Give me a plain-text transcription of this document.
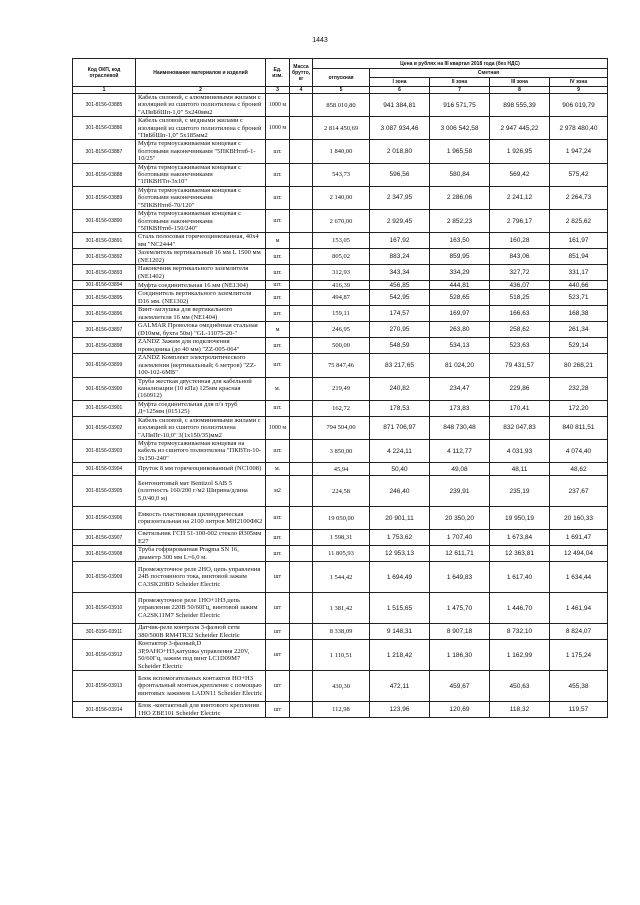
1443
Код ОКП, код отраслевой	Наименование материалов и изделий	Ед. изм.	Масса брутто, кг	Цена в рублях на III квартал 2018 года (без НДС)				
				отпускная	Сметная			
					I зона	II зона	III зона	IV зона
1	2	3	4	5	6	7	8	9
301-8156-03885	Кабель силовой, с алюминиевыми жилами с изоляцией из сшитого полиэтилена с броней "АПвБбШп-1,0" 5х240мм2	1000 м		858 010,80	941 384,81	916 571,75	898 555,39	906 019,79
301-8156-03886	Кабель силовой, с медными жилами с изоляцией из сшитого полиэтилена с броней "ПвБбШп-1,0" 5х185мм2	1000 м		2 814 450,69	3 087 934,46	3 006 542,58	2 947 445,22	2 978 480,40
301-8156-03887	Муфта термоусаживаемая концевая с болтовыми наконечниками "5ПКВНтпб-1-10/25"	шт.		1 840,00	2 018,80	1 965,58	1 926,95	1 947,24
301-8156-03888	Муфта термоусаживаемая концевая с болтовыми наконечниками "1ПКВНТп-3х10"	шт.		543,73	596,56	580,84	569,42	575,42
301-8156-03889	Муфта термоусаживаемая концевая с болтовыми наконечниками "5ПКВНтпб-70/120"	шт.		2 140,00	2 347,95	2 286,06	2 241,12	2 264,73
301-8156-03890	Муфта термоусаживаемая концевая с болтовыми наконечниками "5ПКВНтпб-150/240"	шт.		2 670,00	2 929,45	2 852,23	2 796,17	2 825,62
301-8156-03891	Сталь полосовая горячеоцинкованная, 40х4 мм "NC2444"	м		153,05	167,92	163,50	160,28	161,97
301-8156-03892	Заземлитель вертикальный 16 мм L 1500 мм (NE1202)	шт.		805,02	883,24	859,95	843,06	851,94
301-8156-03893	Наконечник вертикального заземлителя (NE1402)	шт.		312,93	343,34	334,29	327,72	331,17
301-8156-03894	Муфта соединительная 16 мм (NE1304)	шт.		416,39	456,85	444,81	436,07	440,66
301-8156-03895	Соединитель вертикального заземлителя D16 мм. (NE1302)	шт.		494,87	542,95	528,65	518,25	523,71
301-8156-03896	Винт-заглушка для вертикального заземлителя 16 мм (NE1404)	шт.		159,11	174,57	169,97	166,63	168,38
301-8156-03897	GALMAR Проволока омеднённая стальная (D10мм, бухта 50м) "GL-11075-20-"	м		246,95	270,95	263,80	258,62	261,34
301-8156-03898	ZANDZ Зажим для подключения проводника (до 40 мм) "ZZ-005-064"	шт.		500,00	548,59	534,13	523,63	529,14
301-8156-03899	ZANDZ Комплект электролитического заземления (вертикальный; 6 метров) "ZZ-100-102-6MB"	шт.		75 847,46	83 217,65	81 024,20	79 431,57	80 268,21
301-8156-03900	Труба жесткая двустенная для кабельной канализации (10 кПа) 125мм красная (160912)	м.		219,49	240,82	234,47	229,86	232,28
301-8156-03901	Муфта соединительная для п/э труб Д=125мм (015125)	шт.		162,72	178,53	173,83	170,41	172,20
301-8156-03902	Кабель силовой, с алюминиевыми жилами с изоляцией из сшитого полиэтилена "АПвПг-10,0" 3(1х150/35)мм2	1000 м		794 504,00	871 706,97	848 730,48	832 047,83	840 811,51
301-8156-03903	Муфта термоусаживаемая концевая на кабель из сшитого полиэтилена "ПКВТп-10-3х150-240"	шт.		3 850,00	4 224,11	4 112,77	4 031,93	4 074,40
301-8156-03904	Пруток 8 мм горячеоцинкованный (NC1008)	м.		45,94	50,40	49,08	48,11	48,62
301-8156-03905	Бентонитовый мат Bentizol SAB 5 (плотность 160/200 г/м2 Ширина/длина 5,0/40,0 м)	м2		224,58	246,40	239,91	235,19	237,67
301-8156-03906	Емкость пластиковая цилиндрическая горизонтальная на 2100 литров МН2100ФК2	шт.		19 050,00	20 901,11	20 350,20	19 950,19	20 160,33
301-8156-03907	Светильник ГСП 51-100-002 стекло Ø305мм Е27	шт.		1 598,31	1 753,62	1 707,40	1 673,84	1 691,47
301-8156-03908	Труба гофрированная Pragma SN 16, диаметр 300 мм L=6,0 м.	шт.		11 805,93	12 953,13	12 611,71	12 363,81	12 494,04
301-8156-03909	Промежуточное реле 2НО, цепь управления 24В постоянного тока, винтовой зажим CA3SK20BD Scheider Electric	шт		1 544,42	1 694,49	1 649,83	1 617,40	1 634,44
301-8156-03910	Промежуточное реле 1НО+1НЗ,цепь управления 220В 50/60Гц, винтовой зажим CA2SK11M7 Scheider Electric	шт		1 381,42	1 515,65	1 475,70	1 446,70	1 461,94
301-8156-03911	Датчик-реле контроля 3-фазной сети 380/500В RM4TR32 Scheider Electric	шт		8 338,09	9 148,31	8 907,18	8 732,10	8 824,07
301-8156-03912	Контактор 3-фазный,D 3Р,9АНО+НЗ,катушка управления 220V, 50/60Гц, зажим под винт LC1D09M7 Scheider Electric	шт		1 110,51	1 218,42	1 186,30	1 162,99	1 175,24
301-8156-03913	Блок вспомогательных контактов НО+НЗ фронтальный монтаж,крепление с помощью винтовых зажимов LADN11 Scheider Electric	шт		430,30	472,11	459,67	450,63	455,38
301-8156-03914	Блок -контактный для винтового крепления 1НО ZBE101 Scheider Electric	шт		112,98	123,96	120,69	118,32	119,57
